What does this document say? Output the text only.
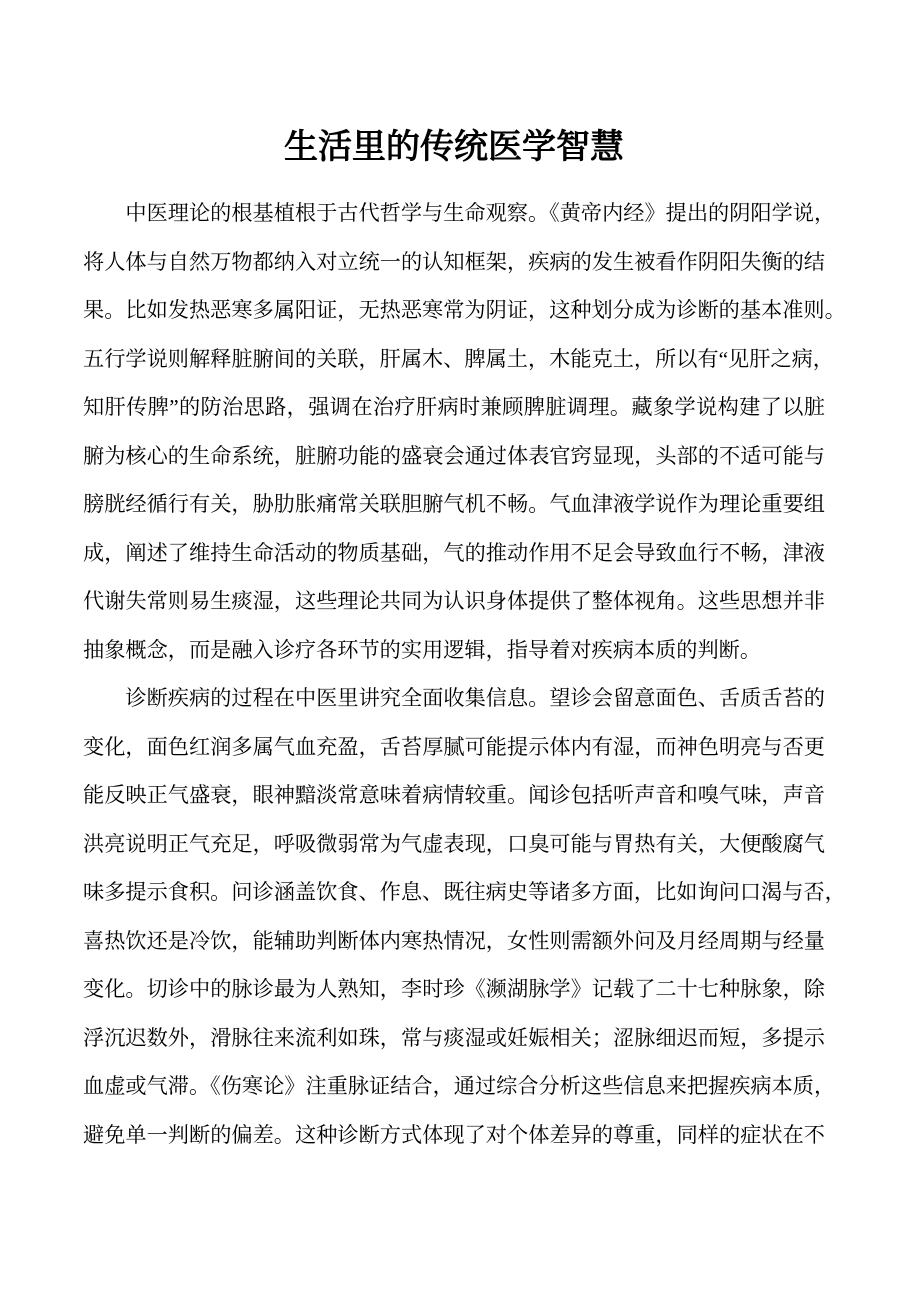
生活里的传统医学智慧
中医理论的根基植根于古代哲学与生命观察。《黄帝内经》提出的阴阳学说，
将人体与自然万物都纳入对立统一的认知框架，疾病的发生被看作阴阳失衡的结
果。比如发热恶寒多属阳证，无热恶寒常为阴证，这种划分成为诊断的基本准则。
五行学说则解释脏腑间的关联，肝属木、脾属土，木能克土，所以有“见肝之病，
知肝传脾”的防治思路，强调在治疗肝病时兼顾脾脏调理。藏象学说构建了以脏
腑为核心的生命系统，脏腑功能的盛衰会通过体表官窍显现，头部的不适可能与
膀胱经循行有关，胁肋胀痛常关联胆腑气机不畅。气血津液学说作为理论重要组
成，阐述了维持生命活动的物质基础，气的推动作用不足会导致血行不畅，津液
代谢失常则易生痰湿，这些理论共同为认识身体提供了整体视角。这些思想并非
抽象概念，而是融入诊疗各环节的实用逻辑，指导着对疾病本质的判断。
诊断疾病的过程在中医里讲究全面收集信息。望诊会留意面色、舌质舌苔的
变化，面色红润多属气血充盈，舌苔厚腻可能提示体内有湿，而神色明亮与否更
能反映正气盛衰，眼神黯淡常意味着病情较重。闻诊包括听声音和嗅气味，声音
洪亮说明正气充足，呼吸微弱常为气虚表现，口臭可能与胃热有关，大便酸腐气
味多提示食积。问诊涵盖饮食、作息、既往病史等诸多方面，比如询问口渴与否，
喜热饮还是冷饮，能辅助判断体内寒热情况，女性则需额外问及月经周期与经量
变化。切诊中的脉诊最为人熟知，李时珍《濒湖脉学》记载了二十七种脉象，除
浮沉迟数外，滑脉往来流利如珠，常与痰湿或妊娠相关；涩脉细迟而短，多提示
血虚或气滞。《伤寒论》注重脉证结合，通过综合分析这些信息来把握疾病本质，
避免单一判断的偏差。这种诊断方式体现了对个体差异的尊重，同样的症状在不
